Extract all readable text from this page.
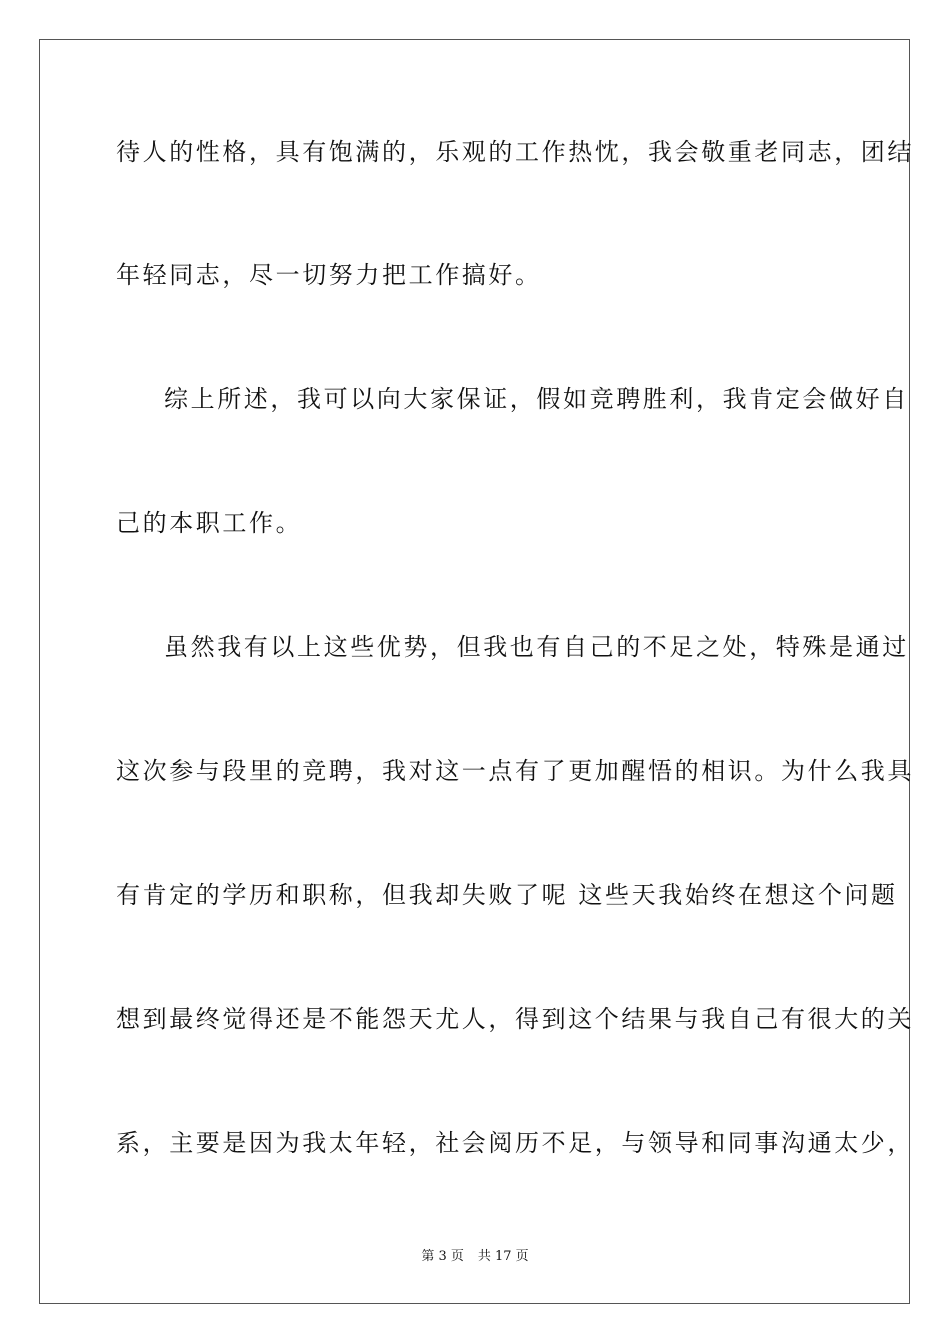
待人的性格，具有饱满的，乐观的工作热忱，我会敬重老同志，团结
年轻同志，尽一切努力把工作搞好。
综上所述，我可以向大家保证，假如竞聘胜利，我肯定会做好自
己的本职工作。
虽然我有以上这些优势，但我也有自己的不足之处，特殊是通过
这次参与段里的竞聘，我对这一点有了更加醒悟的相识。为什么我具
有肯定的学历和职称，但我却失败了呢 这些天我始终在想这个问题
想到最终觉得还是不能怨天尤人，得到这个结果与我自己有很大的关
系，主要是因为我太年轻，社会阅历不足，与领导和同事沟通太少，
第 3 页 共 17 页
